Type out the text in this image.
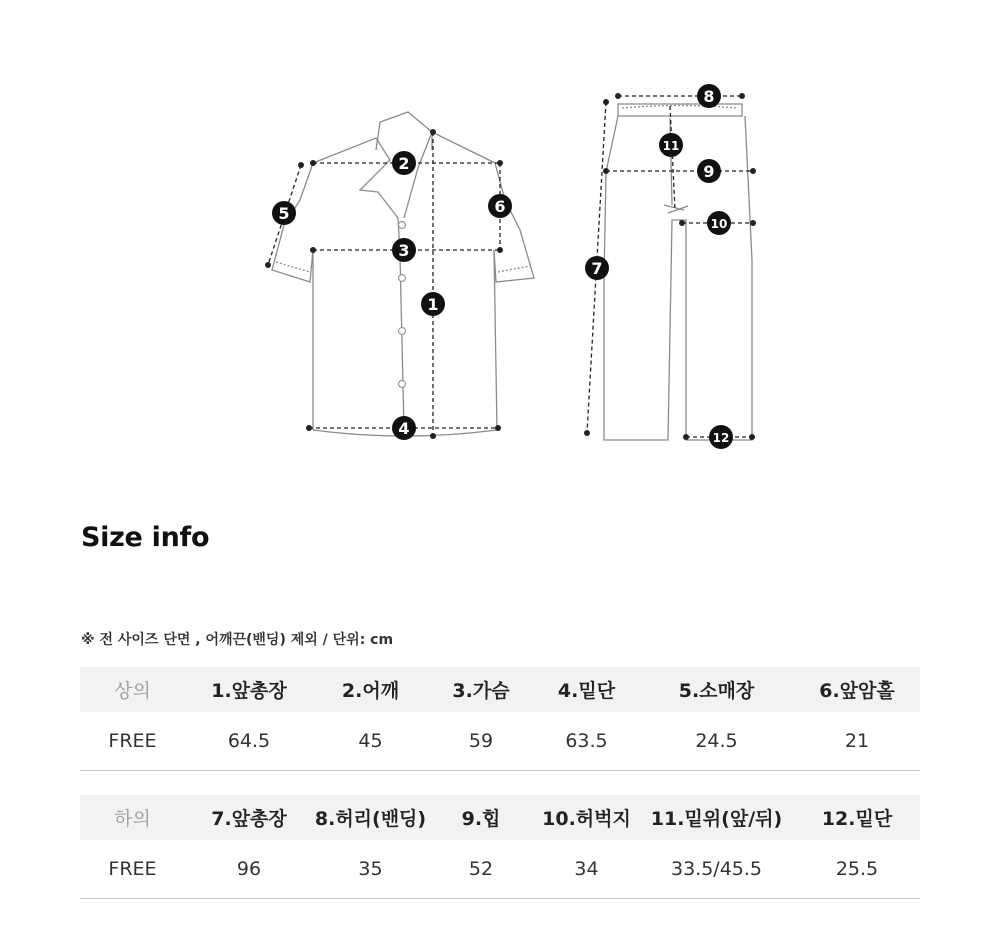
1
2
3
4
5	6
7
8
9
10
11
12
Size info
※ 전 사이즈 단면 , 어깨끈(밴딩) 제외 / 단위: cm
상의	1.앞총장	2.어깨	3.가슴	4.밑단	5.소매장	6.앞암홀
FREE	64.5	45	59	63.5	24.5	21
하의	7.앞총장	8.허리(밴딩)	9.힙	10.허벅지	11.밑위(앞/뒤)	12.밑단
FREE	96	35	52	34	33.5/45.5	25.5
